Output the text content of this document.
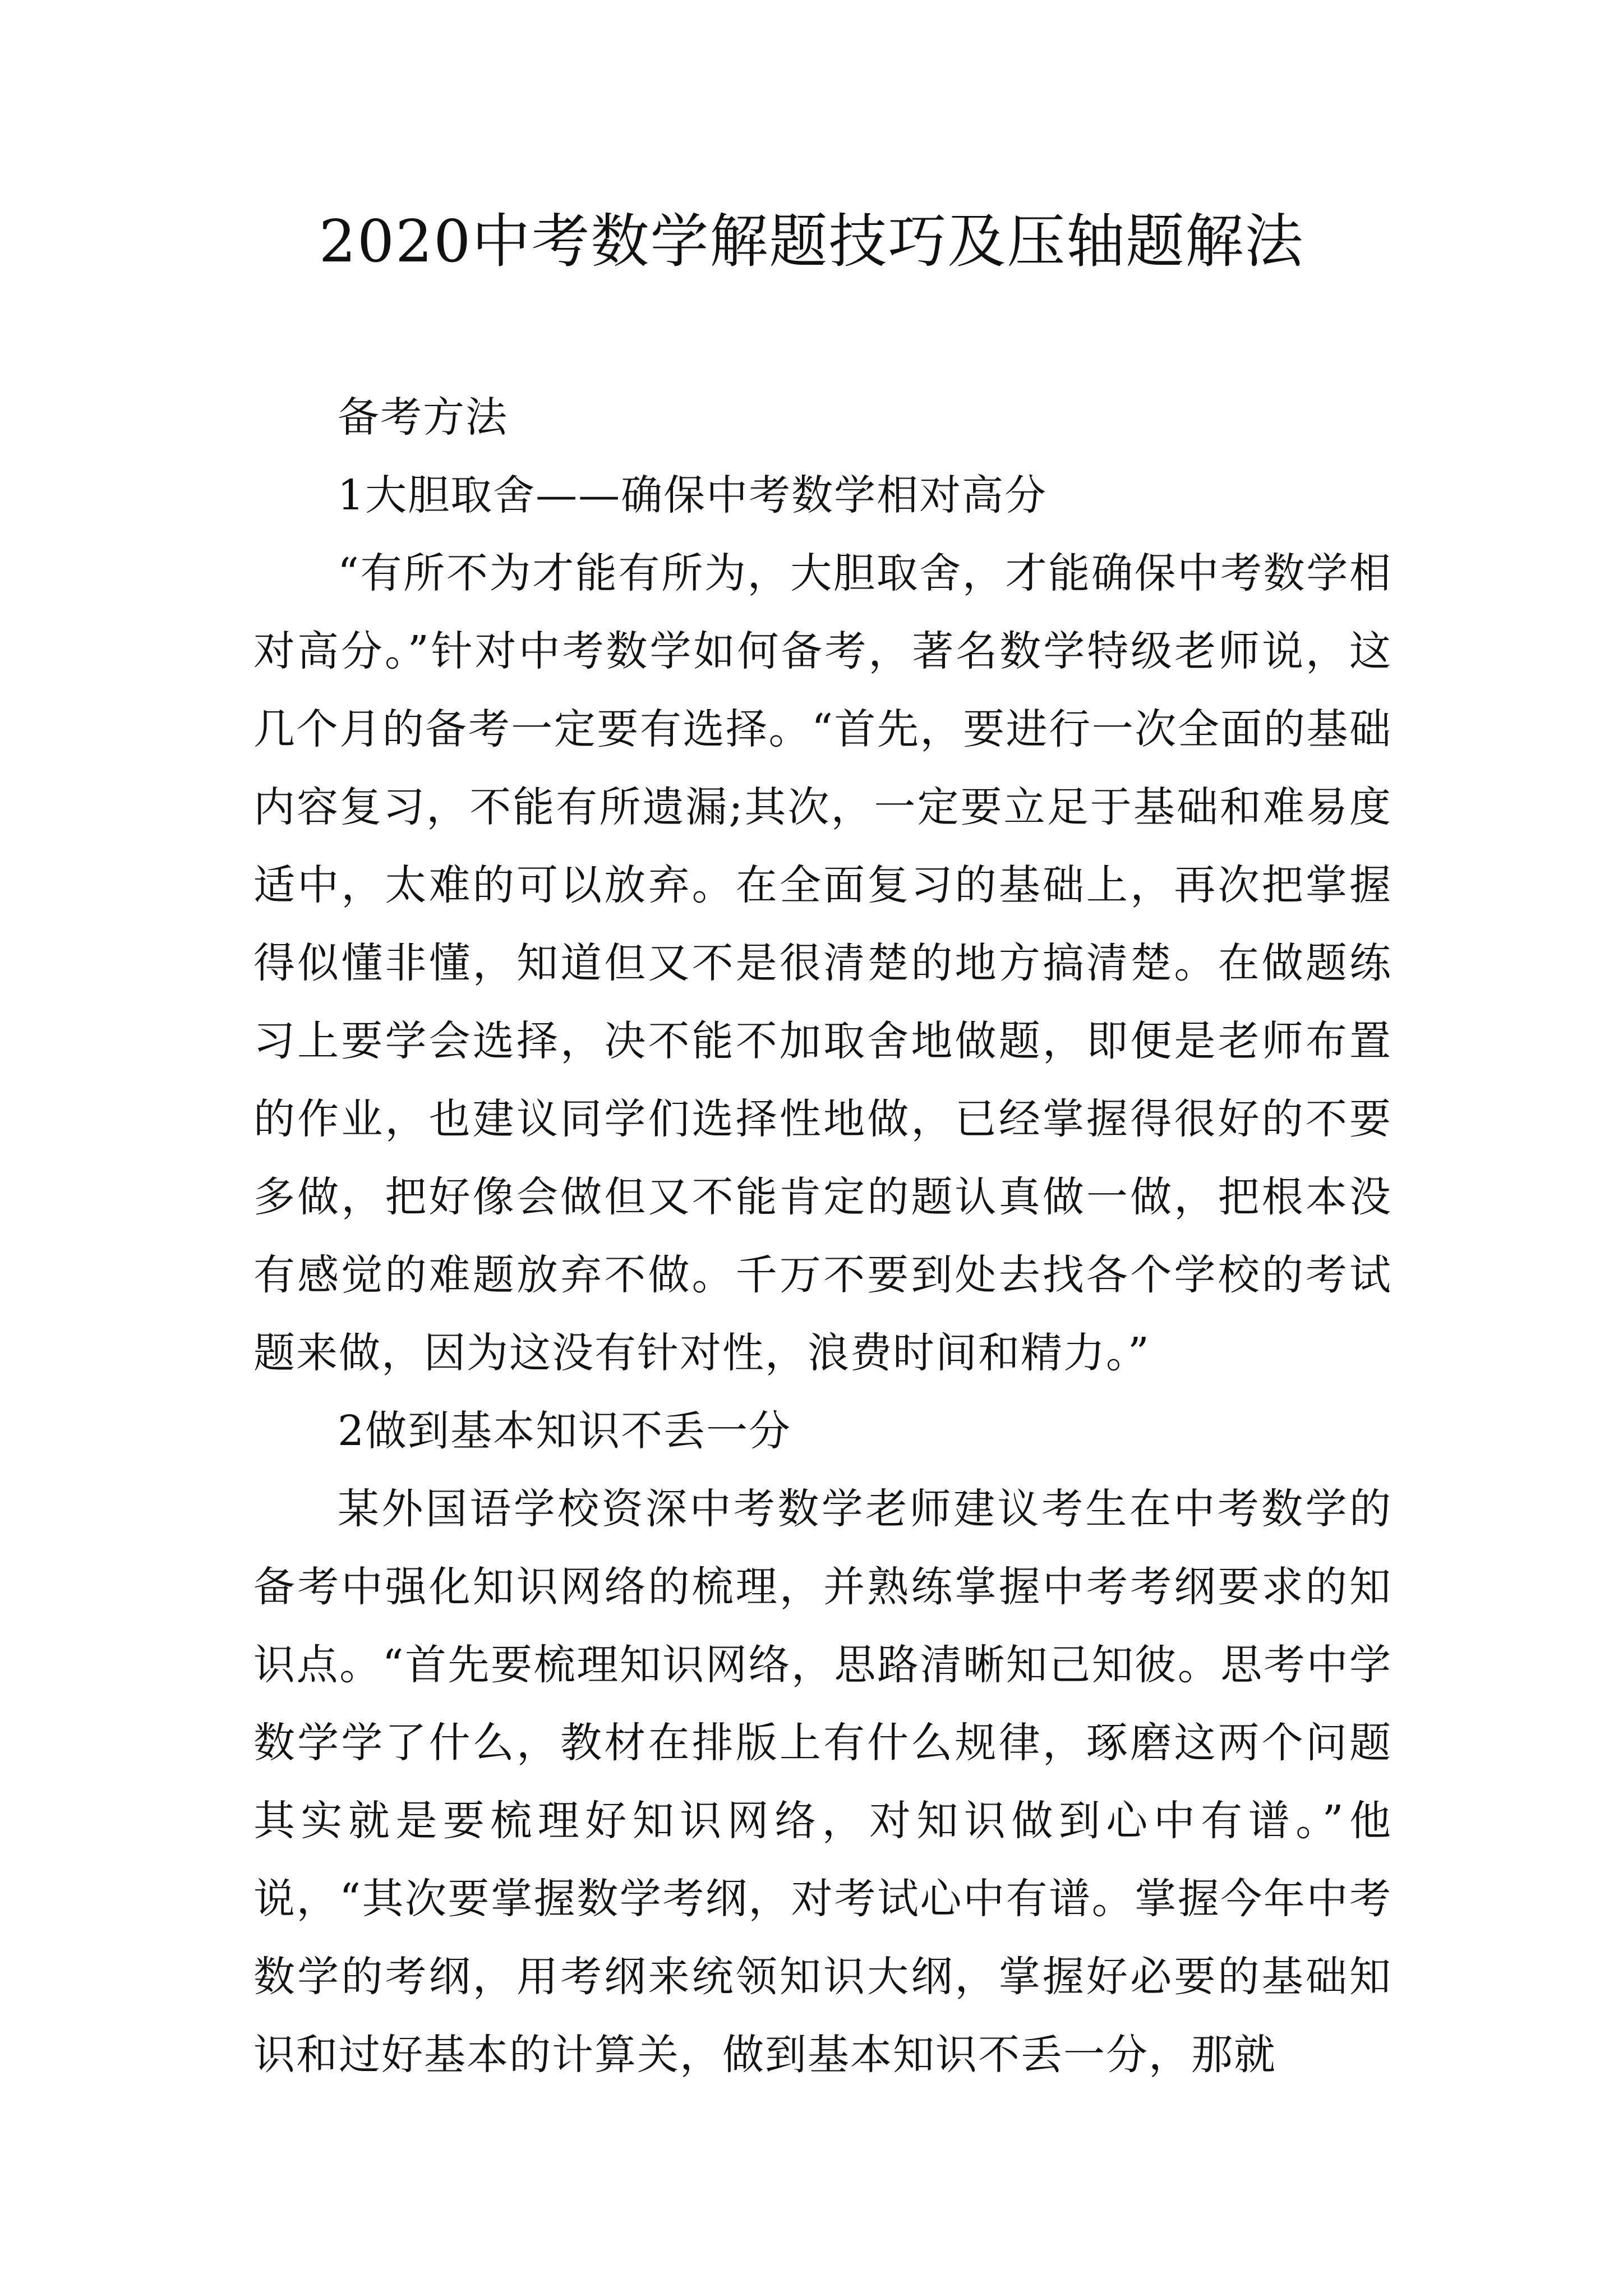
2020中考数学解题技巧及压轴题解法

备考方法

1大胆取舍——确保中考数学相对高分

“有所不为才能有所为，大胆取舍，才能确保中考数学相对高分。”针对中考数学如何备考，著名数学特级老师说，这几个月的备考一定要有选择。“首先，要进行一次全面的基础内容复习，不能有所遗漏;其次，一定要立足于基础和难易度适中，太难的可以放弃。在全面复习的基础上，再次把掌握得似懂非懂，知道但又不是很清楚的地方搞清楚。在做题练习上要学会选择，决不能不加取舍地做题，即便是老师布置的作业，也建议同学们选择性地做，已经掌握得很好的不要多做，把好像会做但又不能肯定的题认真做一做，把根本没有感觉的难题放弃不做。千万不要到处去找各个学校的考试题来做，因为这没有针对性，浪费时间和精力。”

2做到基本知识不丢一分

某外国语学校资深中考数学老师建议考生在中考数学的备考中强化知识网络的梳理，并熟练掌握中考考纲要求的知识点。“首先要梳理知识网络，思路清晰知己知彼。思考中学数学学了什么，教材在排版上有什么规律，琢磨这两个问题其实就是要梳理好知识网络，对知识做到心中有谱。”他说，“其次要掌握数学考纲，对考试心中有谱。掌握今年中考数学的考纲，用考纲来统领知识大纲，掌握好必要的基础知识和过好基本的计算关，做到基本知识不丢一分，那就
